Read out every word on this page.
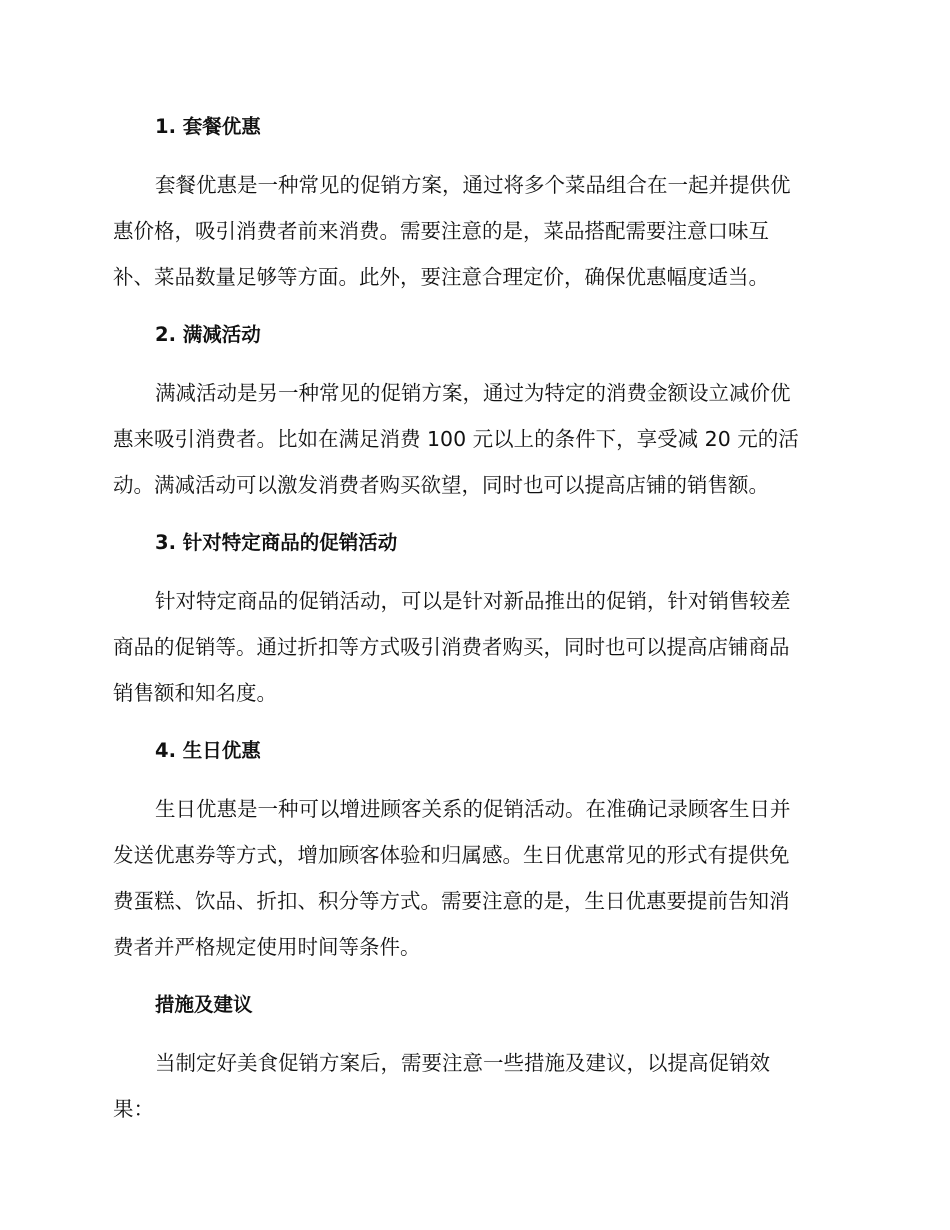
1. 套餐优惠
套餐优惠是一种常见的促销方案，通过将多个菜品组合在一起并提供优
惠价格，吸引消费者前来消费。需要注意的是，菜品搭配需要注意口味互
补、菜品数量足够等方面。此外，要注意合理定价，确保优惠幅度适当。
2. 满减活动
满减活动是另一种常见的促销方案，通过为特定的消费金额设立减价优
惠来吸引消费者。比如在满足消费 100 元以上的条件下，享受减 20 元的活
动。满减活动可以激发消费者购买欲望，同时也可以提高店铺的销售额。
3. 针对特定商品的促销活动
针对特定商品的促销活动，可以是针对新品推出的促销，针对销售较差
商品的促销等。通过折扣等方式吸引消费者购买，同时也可以提高店铺商品
销售额和知名度。
4. 生日优惠
生日优惠是一种可以增进顾客关系的促销活动。在准确记录顾客生日并
发送优惠券等方式，增加顾客体验和归属感。生日优惠常见的形式有提供免
费蛋糕、饮品、折扣、积分等方式。需要注意的是，生日优惠要提前告知消
费者并严格规定使用时间等条件。
措施及建议
当制定好美食促销方案后，需要注意一些措施及建议，以提高促销效
果：
